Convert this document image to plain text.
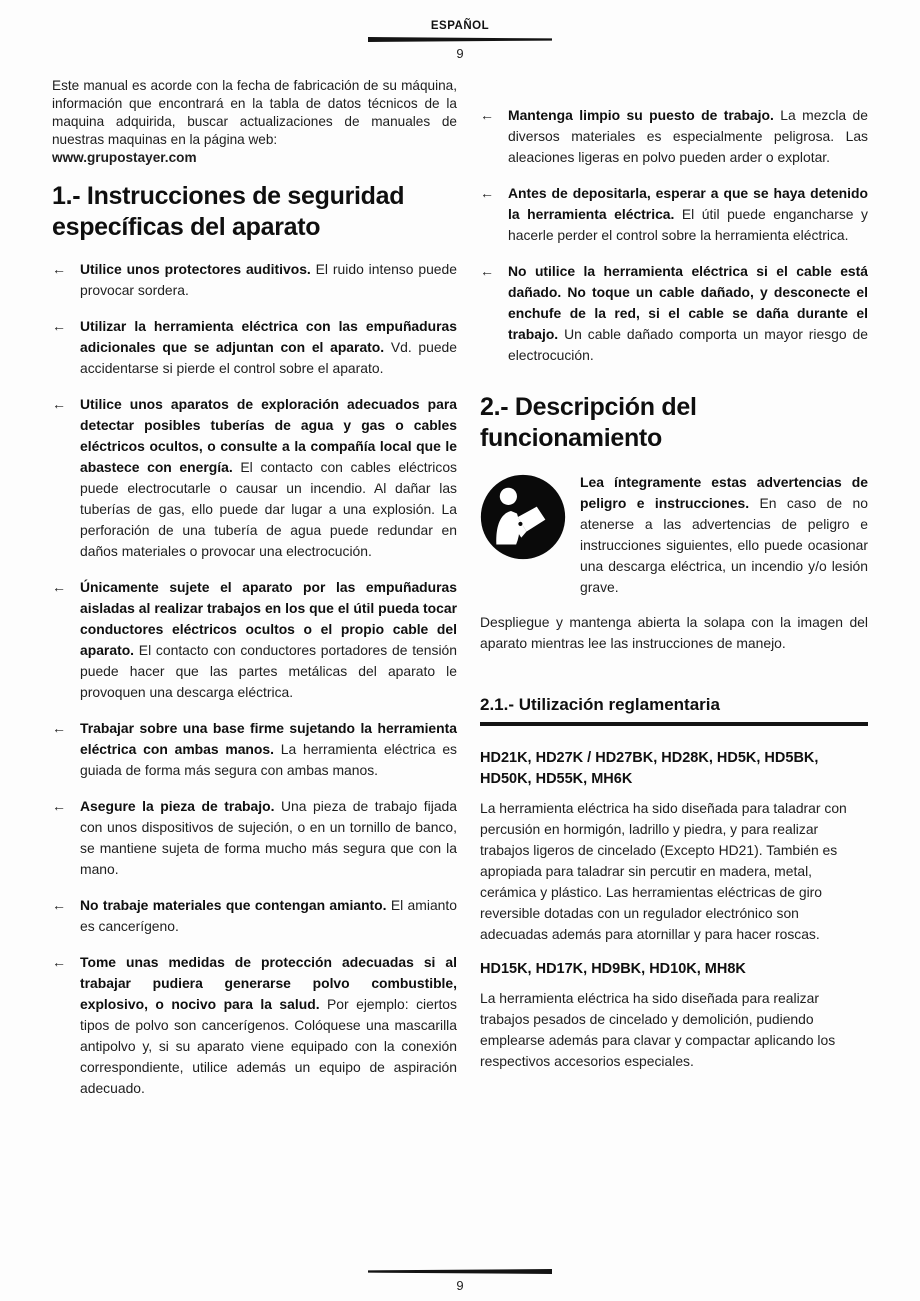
ESPAÑOL
9

Este manual es acorde con la fecha de fabricación de su máquina, información que encontrará en la tabla de datos técnicos de la maquina adquirida, buscar actualizaciones de manuales de nuestras maquinas en la página web:
www.grupostayer.com

1.- Instrucciones de seguridad específicas del aparato
←	Utilice unos protectores auditivos. El ruido intenso puede provocar sordera.

←	Utilizar la herramienta eléctrica con las empuñaduras adicionales que se adjuntan con el aparato. Vd. puede accidentarse si pierde el control sobre el aparato.

←	Utilice unos aparatos de exploración adecuados para detectar posibles tuberías de agua y gas o cables eléctricos ocultos, o consulte a la compañía local que le abastece con energía. El contacto con cables eléctricos puede electrocutarle o causar un incendio. Al dañar las tuberías de gas, ello puede dar lugar a una explosión. La perforación de una tubería de agua puede redundar en daños materiales o provocar una electrocución.

←	Únicamente sujete el aparato por las empuñaduras aisladas al realizar trabajos en los que el útil pueda tocar conductores eléctricos ocultos o el propio cable del aparato. El contacto con conductores portadores de tensión puede hacer que las partes metálicas del aparato le provoquen una descarga eléctrica.

←	Trabajar sobre una base firme sujetando la herramienta eléctrica con ambas manos. La herramienta eléctrica es guiada de forma más segura con ambas manos.

←	Asegure la pieza de trabajo. Una pieza de trabajo fijada con unos dispositivos de sujeción, o en un tornillo de banco, se mantiene sujeta de forma mucho más segura que con la mano.

←	No trabaje materiales que contengan amianto. El amianto es cancerígeno.

←	Tome unas medidas de protección adecuadas si al trabajar pudiera generarse polvo combustible, explosivo, o nocivo para la salud. Por ejemplo: ciertos tipos de polvo son cancerígenos. Colóquese una mascarilla antipolvo y, si su aparato viene equipado con la conexión correspondiente, utilice además un equipo de aspiración adecuado.

←	Mantenga limpio su puesto de trabajo. La mezcla de diversos materiales es especialmente peligrosa. Las aleaciones ligeras en polvo pueden arder o explotar.

←	Antes de depositarla, esperar a que se haya detenido la herramienta eléctrica. El útil puede engancharse y hacerle perder el control sobre la herramienta eléctrica.

←	No utilice la herramienta eléctrica si el cable está dañado. No toque un cable dañado, y desconecte el enchufe de la red, si el cable se daña durante el trabajo. Un cable dañado comporta un mayor riesgo de electrocución.

2.- Descripción del funcionamiento

Lea íntegramente estas advertencias de peligro e instrucciones. En caso de no atenerse a las advertencias de peligro e instrucciones siguientes, ello puede ocasionar una descarga eléctrica, un incendio y/o lesión grave.

Despliegue y mantenga abierta la solapa con la imagen del aparato mientras lee las instrucciones de manejo.

2.1.- Utilización reglamentaria

HD21K, HD27K / HD27BK, HD28K, HD5K, HD5BK, HD50K, HD55K, MH6K

La herramienta eléctrica ha sido diseñada para taladrar con percusión en hormigón, ladrillo y piedra, y para realizar trabajos ligeros de cincelado (Excepto HD21). También es apropiada para taladrar sin percutir en madera, metal, cerámica y plástico. Las herramientas eléctricas de giro reversible dotadas con un regulador electrónico son adecuadas además para atornillar y para hacer roscas.

HD15K, HD17K, HD9BK, HD10K, MH8K

La herramienta eléctrica ha sido diseñada para realizar trabajos pesados de cincelado y demolición, pudiendo emplearse además para clavar y compactar aplicando los respectivos accesorios especiales.

9
